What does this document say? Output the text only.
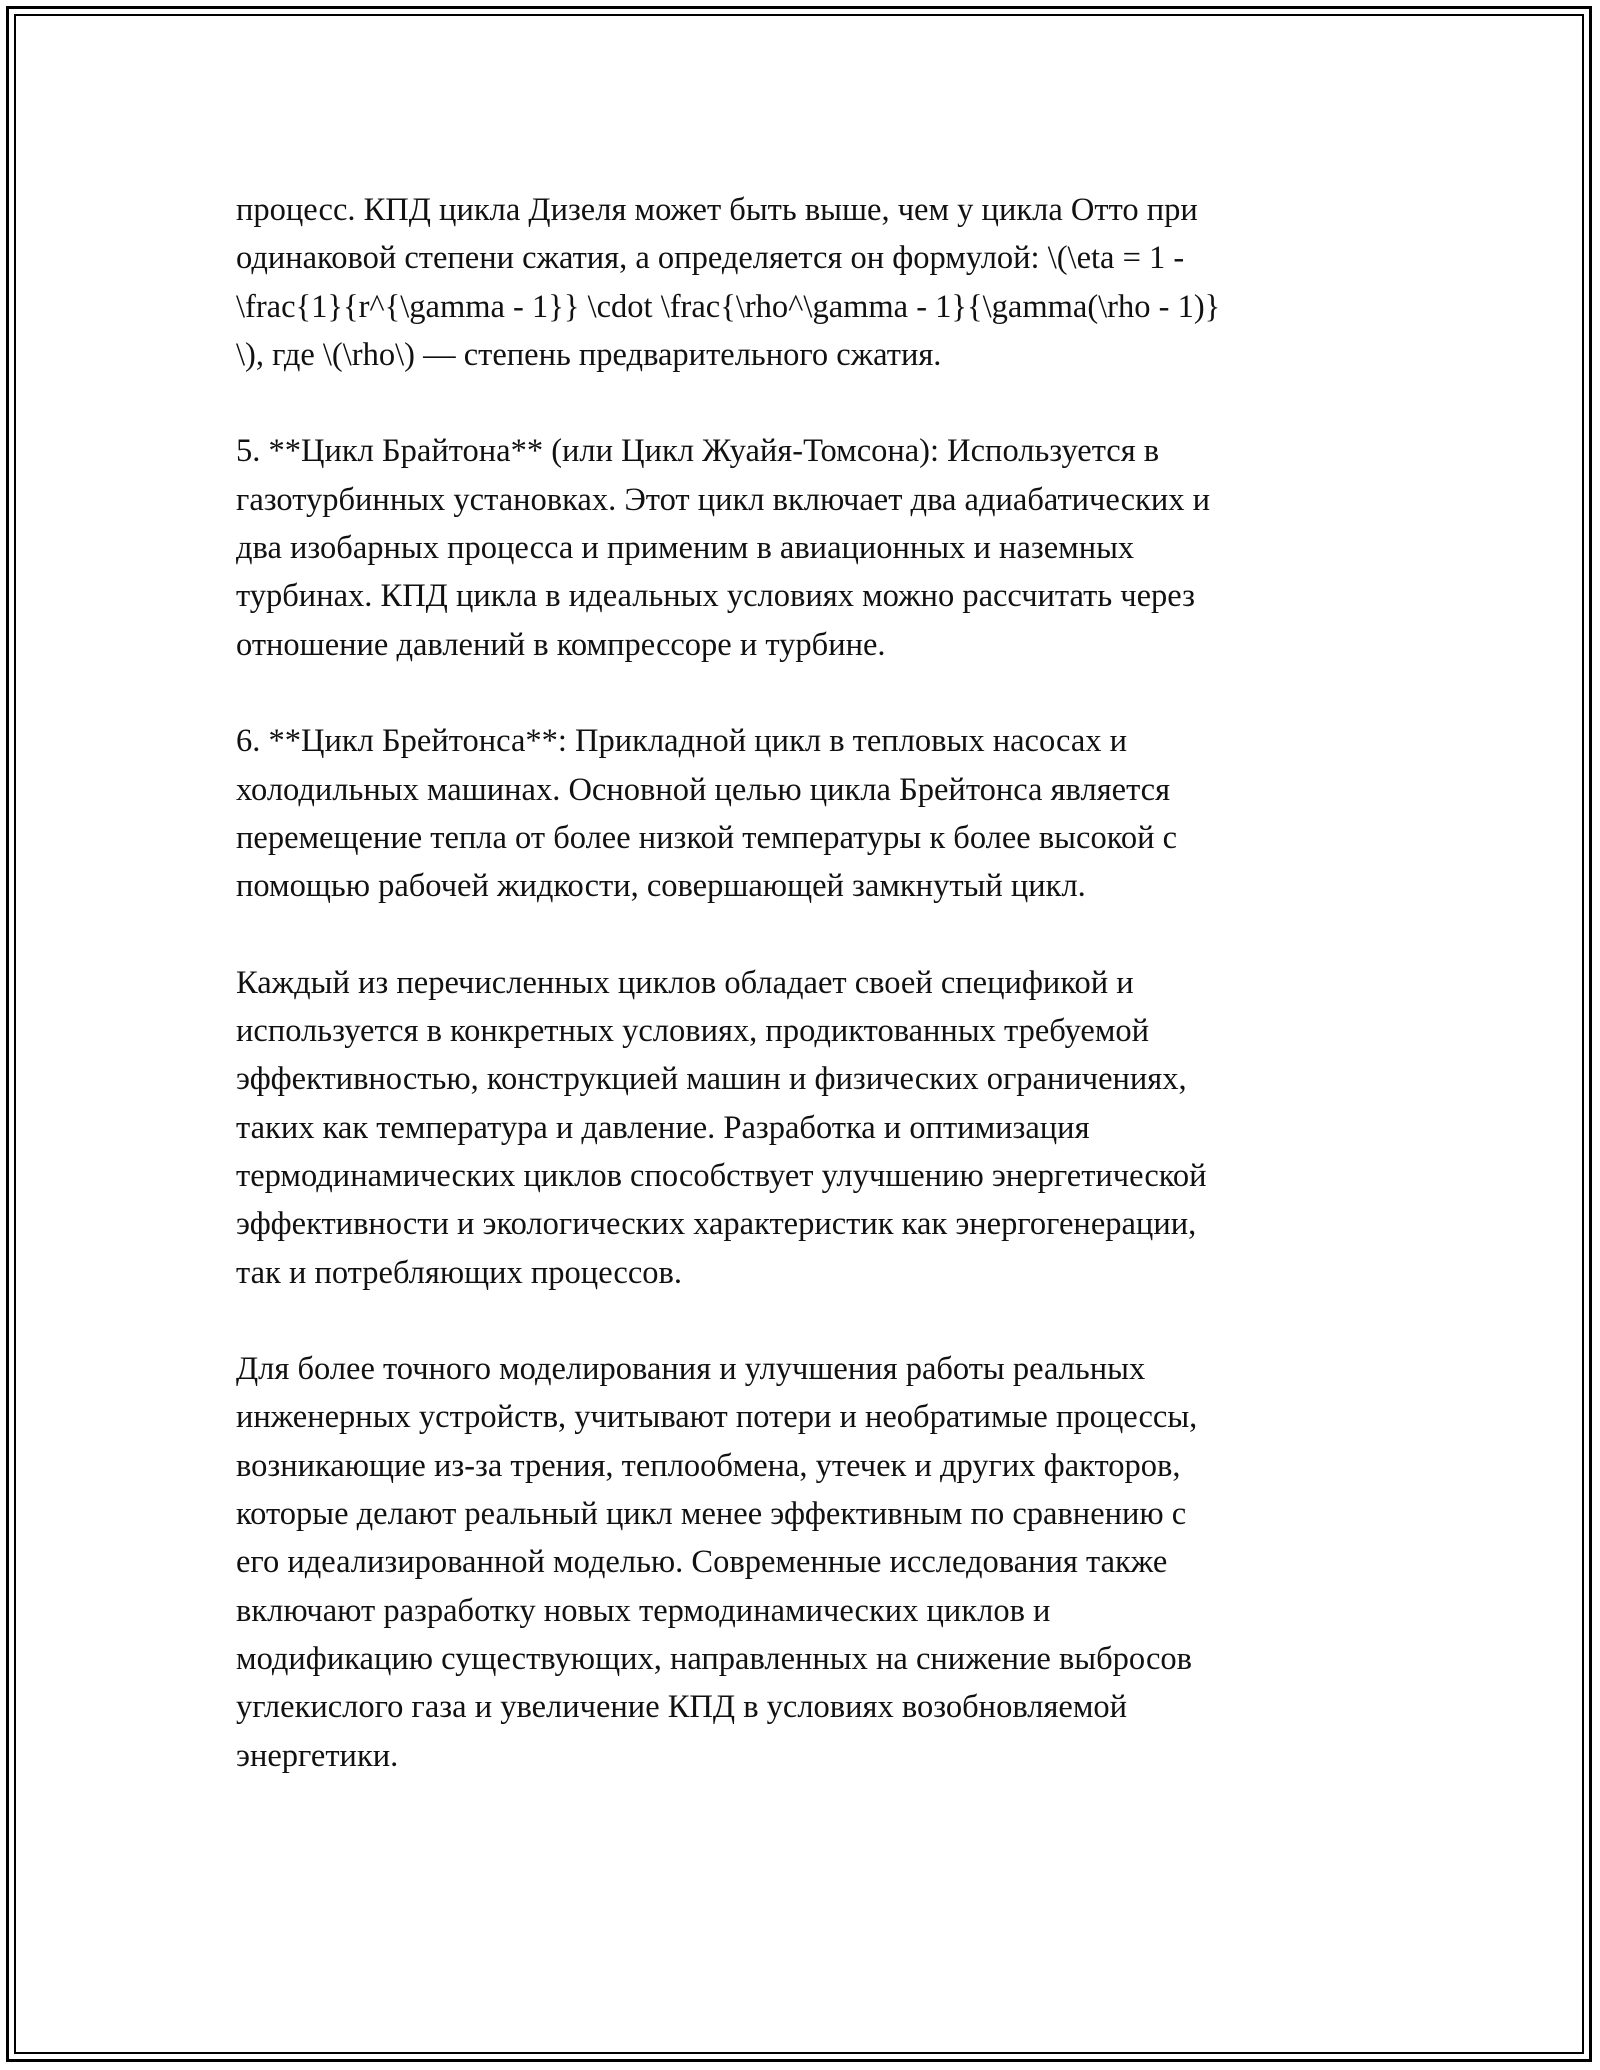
процесс. КПД цикла Дизеля может быть выше, чем у цикла Отто при
одинаковой степени сжатия, а определяется он формулой: \(\eta = 1 -
\frac{1}{r^{\gamma - 1}} \cdot \frac{\rho^\gamma - 1}{\gamma(\rho - 1)}
\), где \(\rho\) — степень предварительного сжатия.

5. **Цикл Брайтона** (или Цикл Жуайя-Томсона): Используется в
газотурбинных установках. Этот цикл включает два адиабатических и
два изобарных процесса и применим в авиационных и наземных
турбинах. КПД цикла в идеальных условиях можно рассчитать через
отношение давлений в компрессоре и турбине.

6. **Цикл Брейтонса**: Прикладной цикл в тепловых насосах и
холодильных машинах. Основной целью цикла Брейтонса является
перемещение тепла от более низкой температуры к более высокой с
помощью рабочей жидкости, совершающей замкнутый цикл.

Каждый из перечисленных циклов обладает своей спецификой и
используется в конкретных условиях, продиктованных требуемой
эффективностью, конструкцией машин и физических ограничениях,
таких как температура и давление. Разработка и оптимизация
термодинамических циклов способствует улучшению энергетической
эффективности и экологических характеристик как энергогенерации,
так и потребляющих процессов.

Для более точного моделирования и улучшения работы реальных
инженерных устройств, учитывают потери и необратимые процессы,
возникающие из-за трения, теплообмена, утечек и других факторов,
которые делают реальный цикл менее эффективным по сравнению с
его идеализированной моделью. Современные исследования также
включают разработку новых термодинамических циклов и
модификацию существующих, направленных на снижение выбросов
углекислого газа и увеличение КПД в условиях возобновляемой
энергетики.
